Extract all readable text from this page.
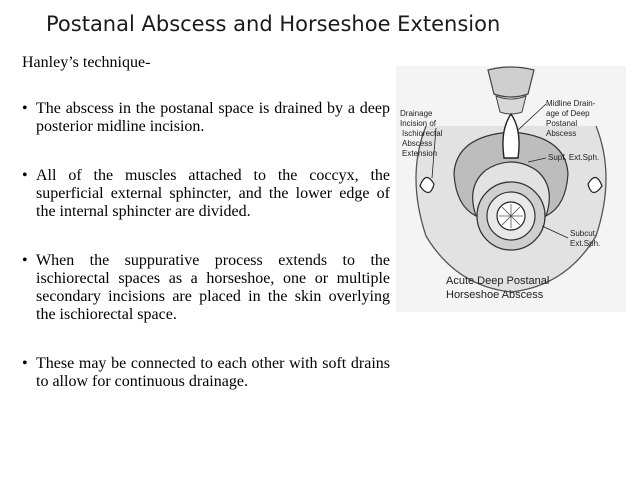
Postanal Abscess and Horseshoe Extension
Hanley’s technique-
• The abscess in the postanal space is drained by a deep posterior midline incision.
• All of the muscles attached to the coccyx, the superficial external sphincter, and the lower edge of the internal sphincter are divided.
• When the suppurative process extends to the ischiorectal spaces as a horseshoe, one or multiple secondary incisions are placed in the skin overlying the ischiorectal space.
• These may be connected to each other with soft drains to allow for continuous drainage.
Drainage
Incision of
Ischiorectal
Abscess
Extension
Midline Drain-
age of Deep
Postanal
Abscess
Supf. Ext.Sph.
Subcut.
Ext.Sph.
Acute Deep Postanal
Horseshoe Abscess
